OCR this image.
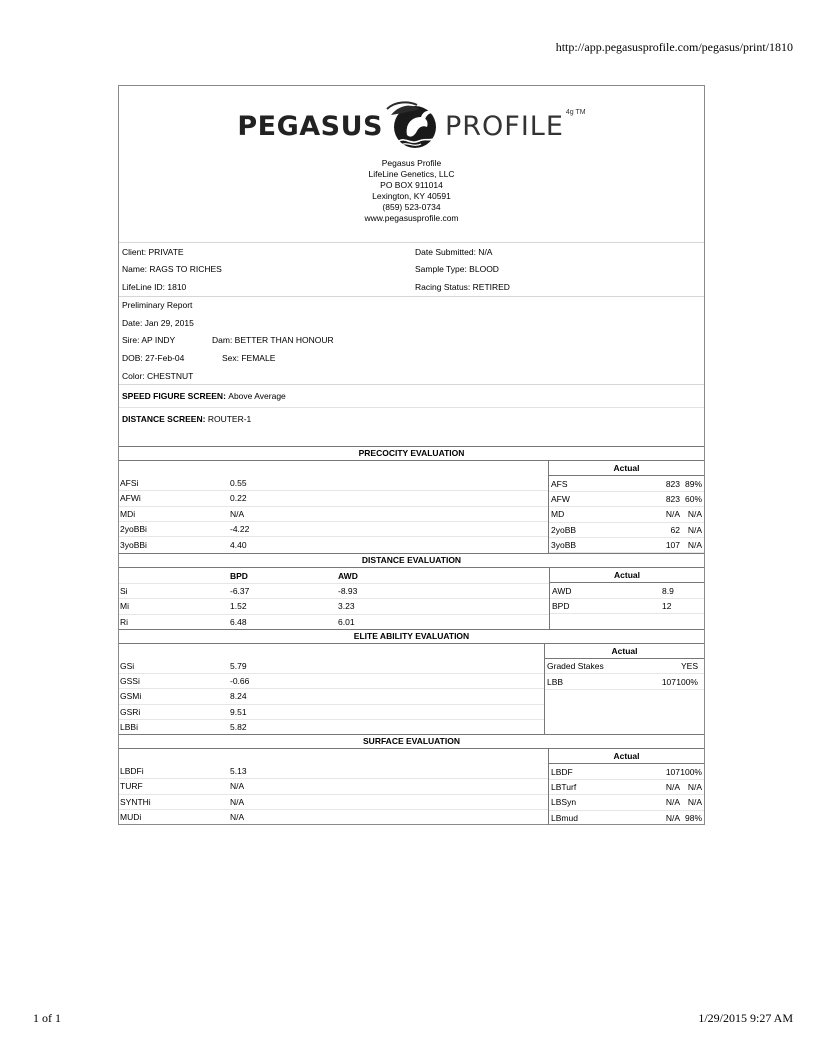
http://app.pegasusprofile.com/pegasus/print/1810
PEGASUS PROFILE 4g TM
Pegasus Profile
LifeLine Genetics, LLC
PO BOX 911014
Lexington, KY 40591
(859) 523-0734
www.pegasusprofile.com
Client: PRIVATE	Date Submitted: N/A
Name: RAGS TO RICHES	Sample Type: BLOOD
LifeLine ID: 1810	Racing Status: RETIRED
Preliminary Report
Date: Jan 29, 2015
Sire: AP INDY	Dam: BETTER THAN HONOUR
DOB: 27-Feb-04	Sex: FEMALE
Color: CHESTNUT
SPEED FIGURE SCREEN:
Above Average
DISTANCE SCREEN:
ROUTER-1
PRECOCITY EVALUATION
AFSi	0.55
AFWi	0.22
MDi	N/A
2yoBBi	-4.22
3yoBBi	4.40
Actual
AFS	823 89%
AFW	823 60%
MD	N/A N/A
2yoBB	62 N/A
3yoBB	107 N/A
DISTANCE EVALUATION
BPD	AWD
Si	-6.37	-8.93
Mi	1.52	3.23
Ri	6.48	6.01
Actual
AWD	8.9
BPD	12
ELITE ABILITY EVALUATION
GSi	5.79
GSSi	-0.66
GSMi	8.24
GSRi	9.51
LBBi	5.82
Actual
Graded Stakes	YES
LBB	107 100%
SURFACE EVALUATION
LBDFi	5.13
TURF	N/A
SYNTHi	N/A
MUDi	N/A
Actual
LBDF	107 100%
LBTurf	N/A N/A
LBSyn	N/A N/A
LBmud	N/A 98%
1 of 1	1/29/2015 9:27 AM
